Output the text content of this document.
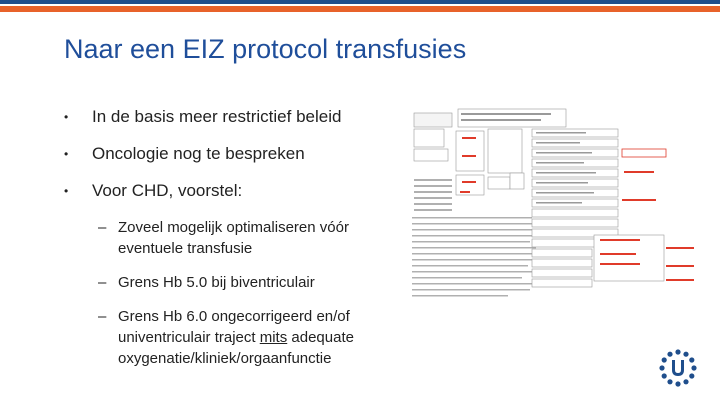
Naar een EIZ protocol transfusies
• In de basis meer restrictief beleid
• Oncologie nog te bespreken
• Voor CHD, voorstel:
– Zoveel mogelijk optimaliseren vóór eventuele transfusie
– Grens Hb 5.0 bij biventriculair
– Grens Hb 6.0 ongecorrigeerd en/of univentriculair traject mits adequate oxygenatie/kliniek/orgaanfunctie
